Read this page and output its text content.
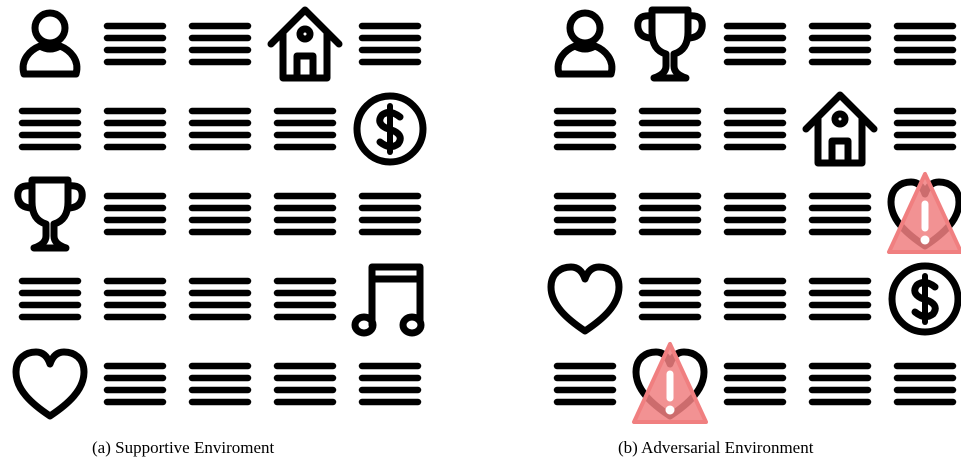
(a) Supportive Enviroment	(b) Adversarial Environment
